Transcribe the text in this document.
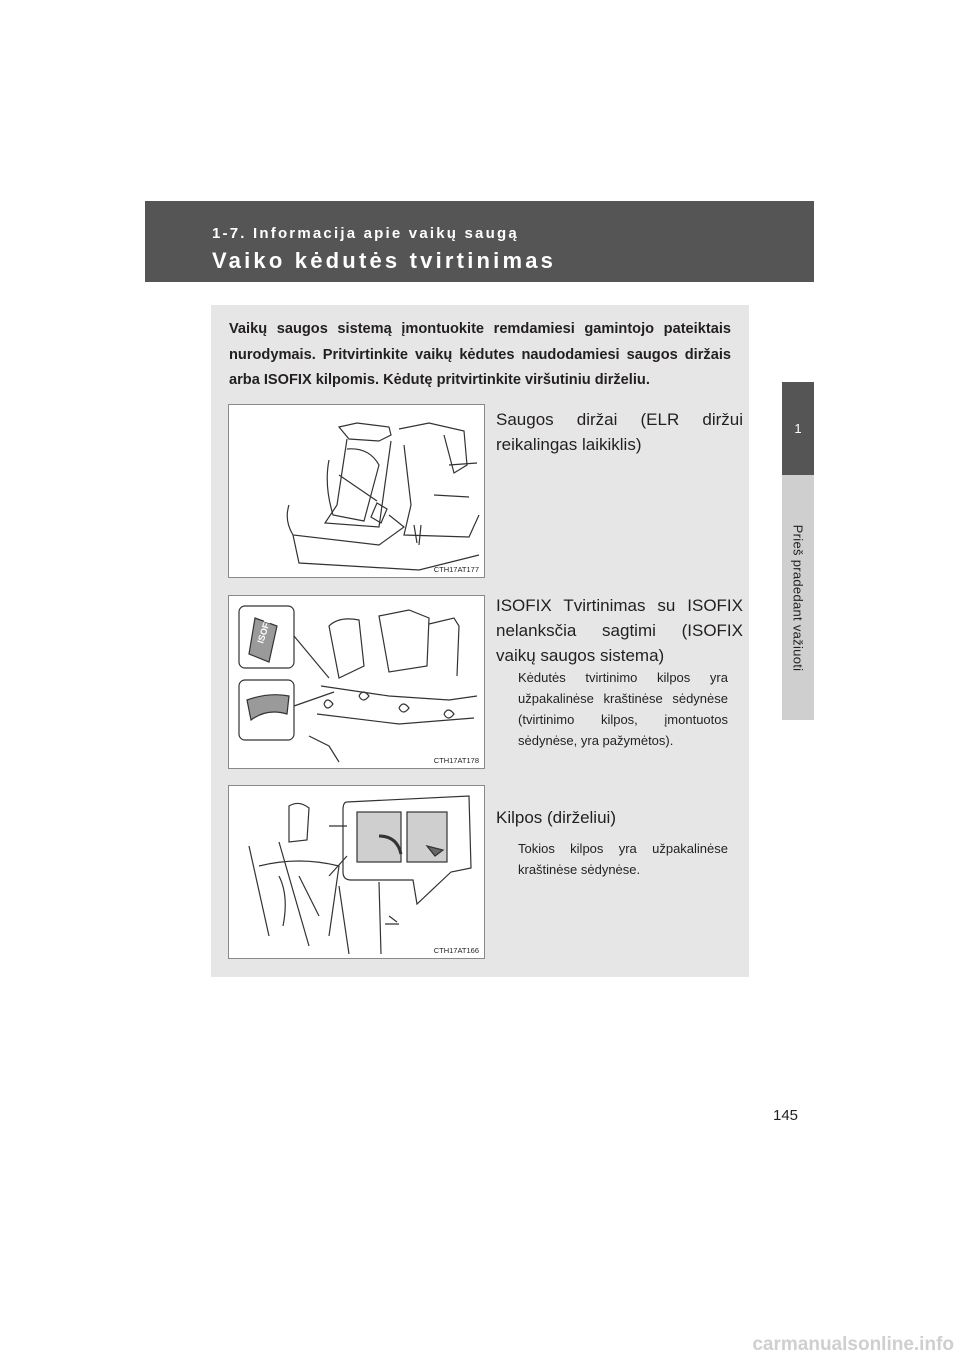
1-7. Informacija apie vaikų saugą
Vaiko kėdutės tvirtinimas
1
Prieš pradedant važiuoti
Vaikų saugos sistemą įmontuokite remdamiesi gamintojo pateiktais nurodymais. Pritvirtinkite vaikų kėdutes naudodamiesi saugos diržais arba ISOFIX kilpomis. Kėdutę pritvirtinkite viršutiniu dirželiu.
CTH17AT177
Saugos diržai (ELR diržui reikalingas laikiklis)
ISOFIX
CTH17AT178
ISOFIX Tvirtinimas su ISOFIX nelanksčia sagtimi (ISOFIX vaikų saugos sistema)
Kėdutės tvirtinimo kilpos yra užpakalinėse kraštinėse sėdynėse (tvirtinimo kilpos, įmontuotos sėdynėse, yra pažymėtos).
CTH17AT166
Kilpos (dirželiui)
Tokios kilpos yra užpakalinėse kraštinėse sėdynėse.
145
carmanualsonline.info
